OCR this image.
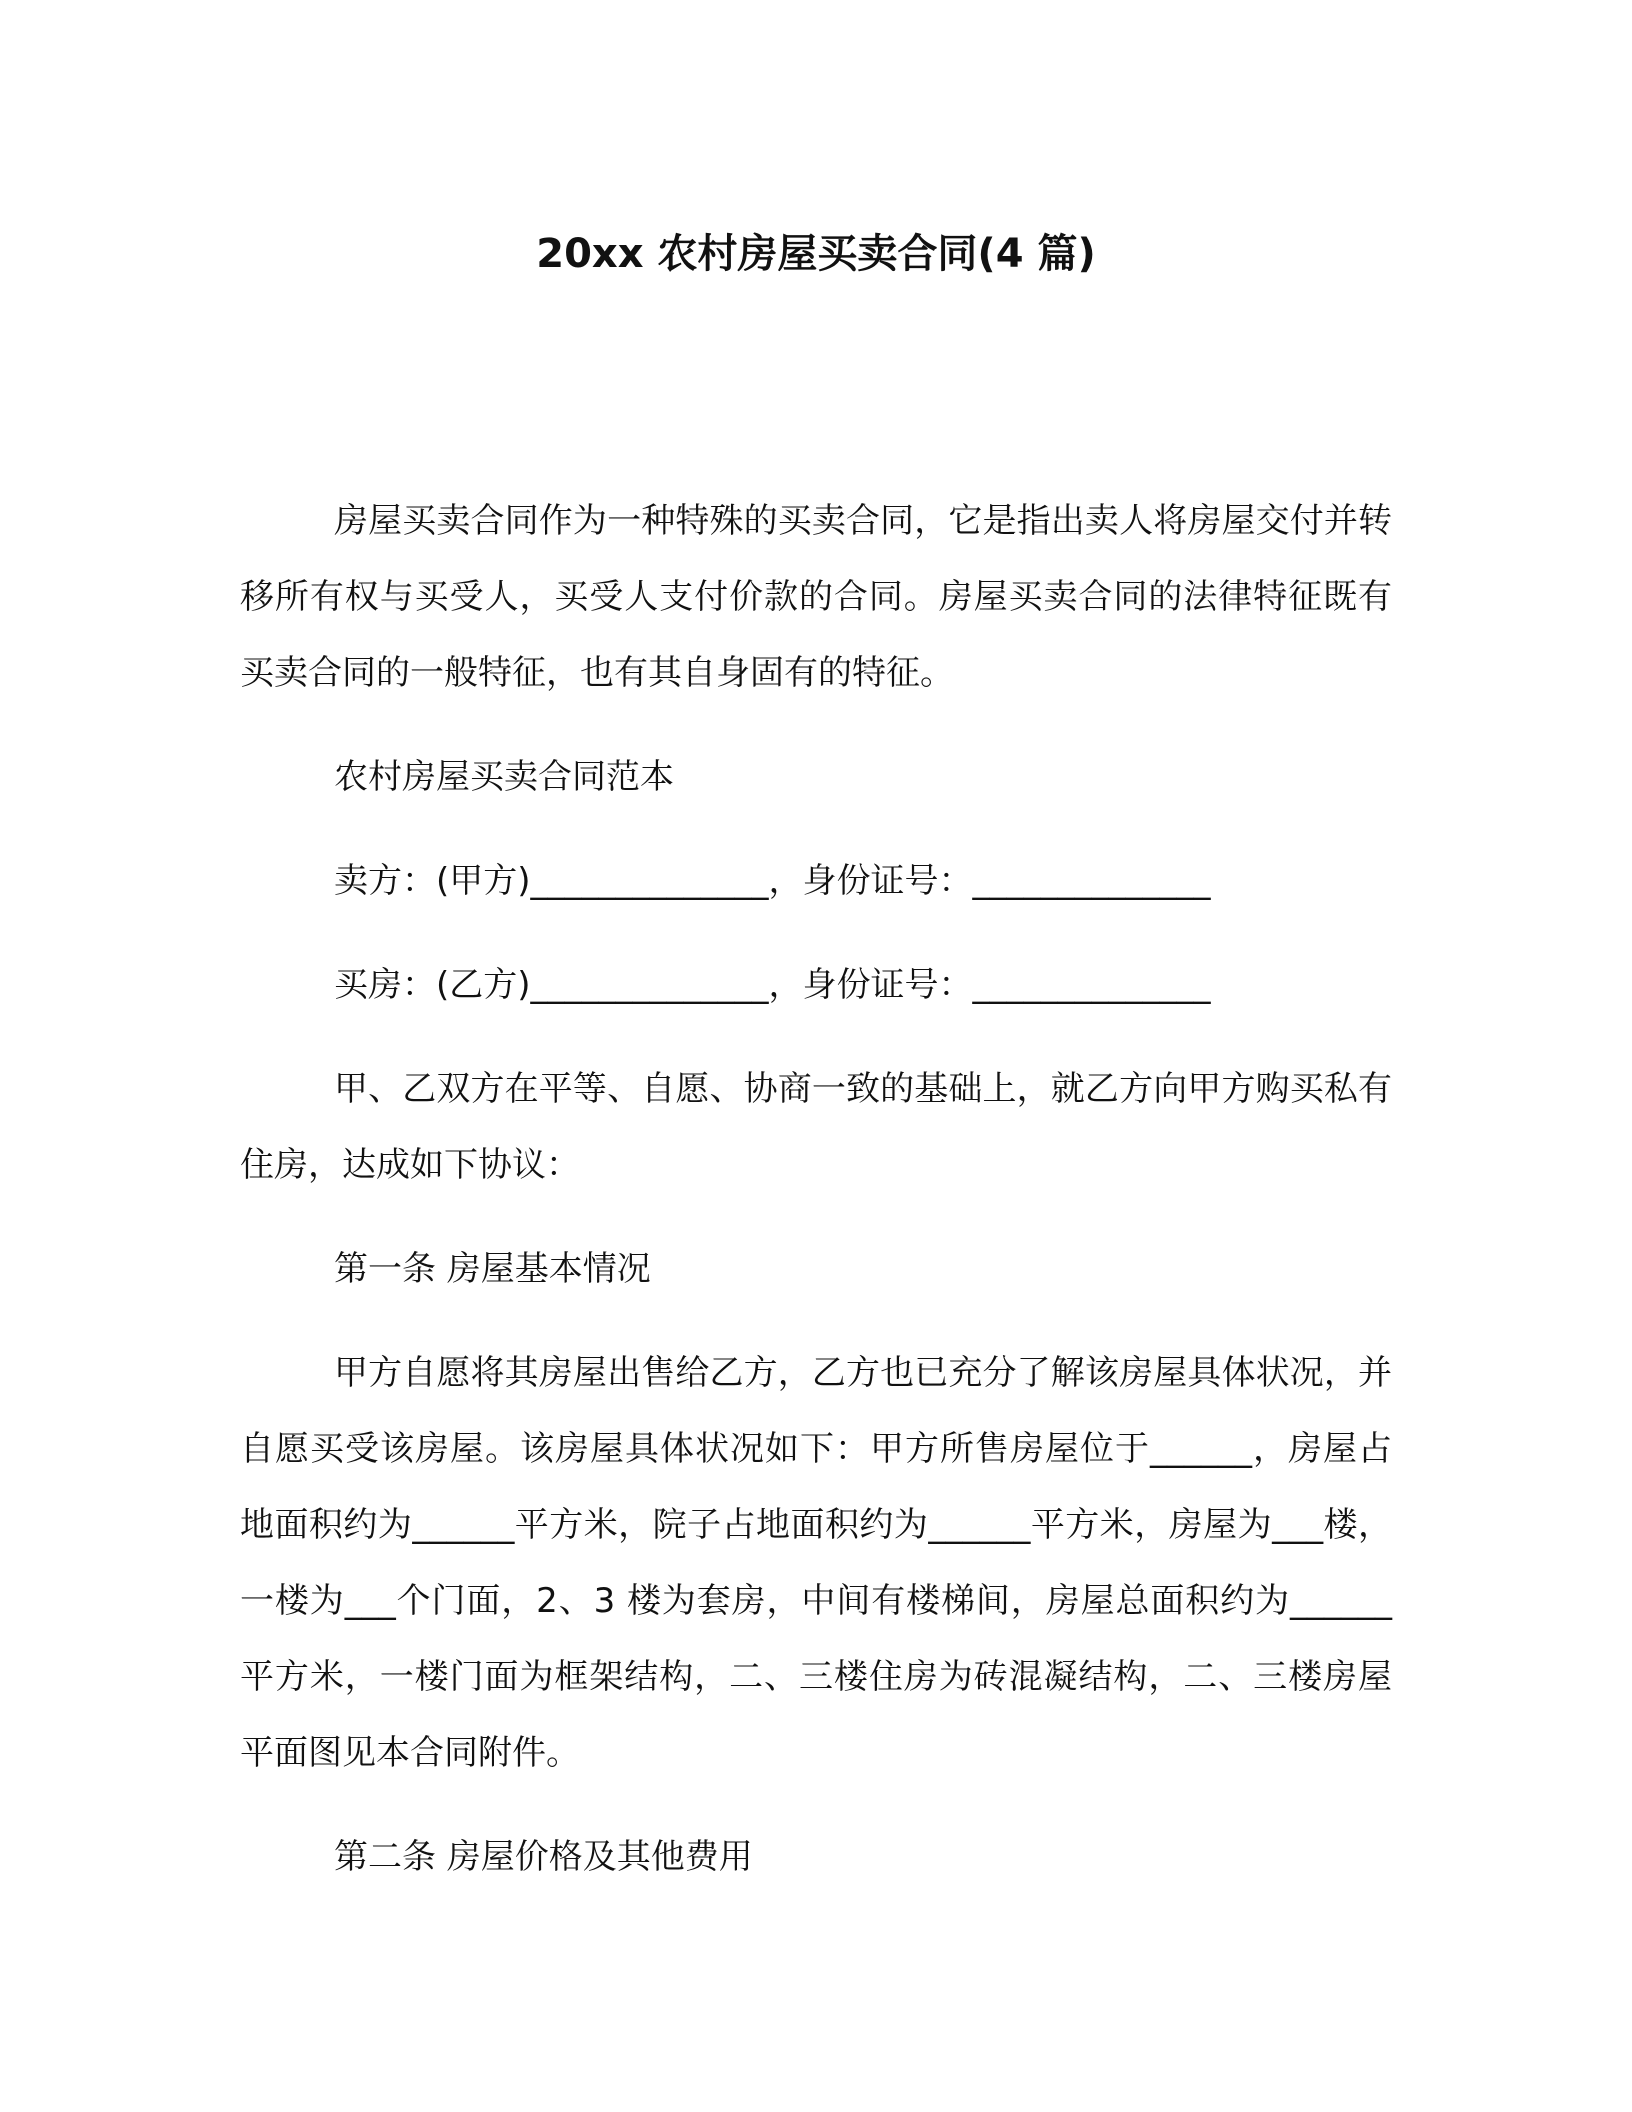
20xx 农村房屋买卖合同(4 篇)

房屋买卖合同作为一种特殊的买卖合同，它是指出卖人将房屋交付并转移所有权与买受人，买受人支付价款的合同。房屋买卖合同的法律特征既有买卖合同的一般特征，也有其自身固有的特征。

农村房屋买卖合同范本

卖方：(甲方)______________，身份证号：______________

买房：(乙方)______________，身份证号：______________

甲、乙双方在平等、自愿、协商一致的基础上，就乙方向甲方购买私有住房，达成如下协议：

第一条 房屋基本情况

甲方自愿将其房屋出售给乙方，乙方也已充分了解该房屋具体状况，并自愿买受该房屋。该房屋具体状况如下：甲方所售房屋位于______，房屋占地面积约为______平方米，院子占地面积约为______平方米，房屋为___楼，一楼为___个门面，2、3 楼为套房，中间有楼梯间，房屋总面积约为______平方米，一楼门面为框架结构，二、三楼住房为砖混凝结构，二、三楼房屋平面图见本合同附件。

第二条 房屋价格及其他费用
